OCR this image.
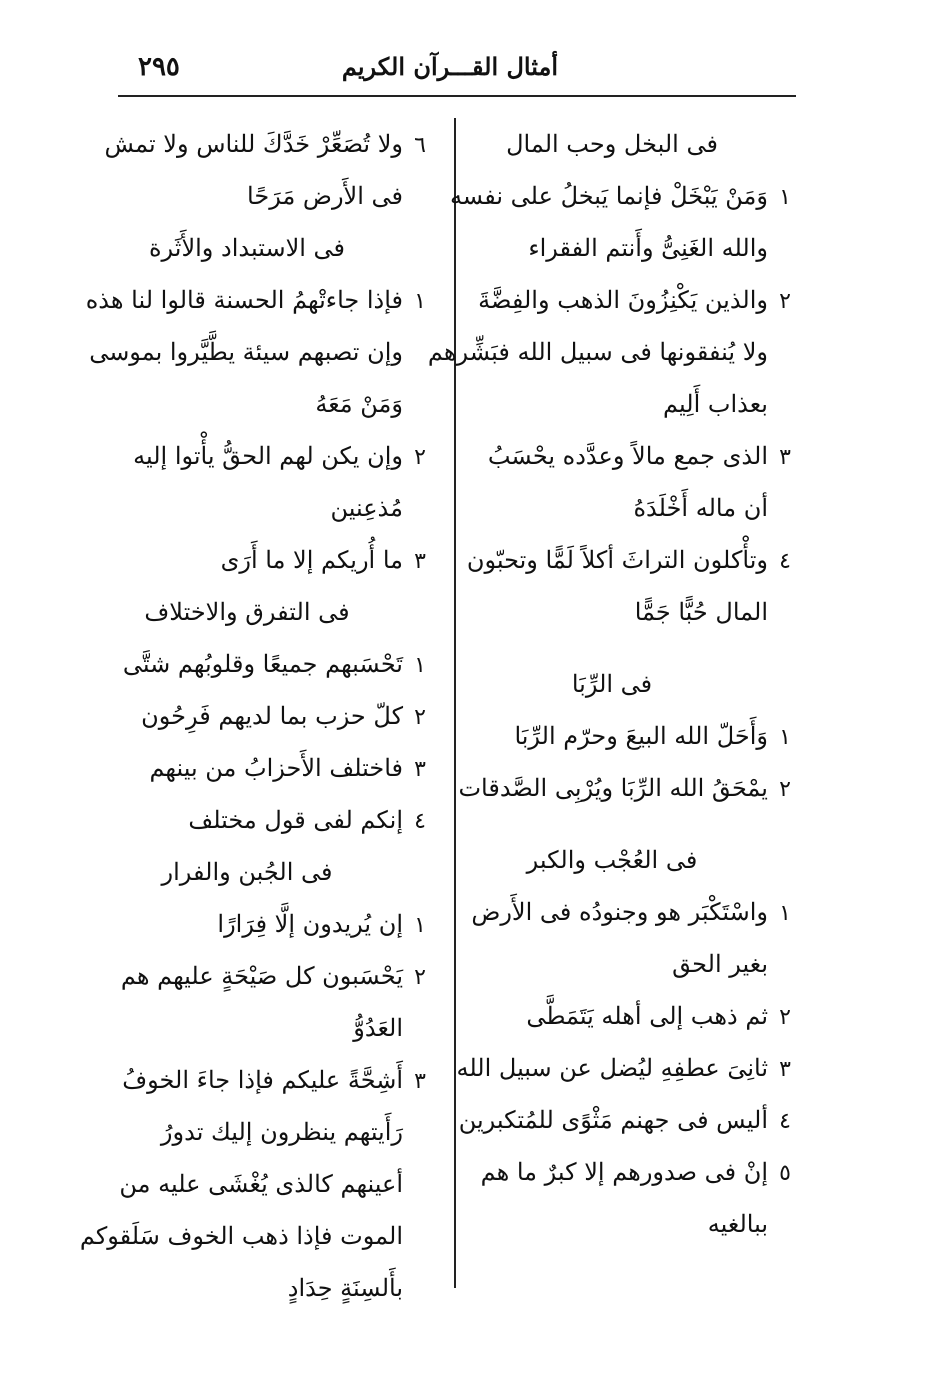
أمثال القـــرآن الكريم
٢٩٥
فى البخل وحب المال
١وَمَنْ يَبْخَلْ فإنما يَبخلُ على نفسه
والله الغَنِىُّ وأَنتم الفقراء
٢والذين يَكْنِزُونَ الذهب والفِضَّةَ
ولا يُنفقونها فى سبيل الله فبَشِّرهم
بعذاب أَلِيم
٣الذى جمع مالاً وعدَّده يحْسَبُ
أن ماله أَخْلَدَهُ
٤وتأْكلون التراثَ أكلاً لَمًّا وتحبّون
المال حُبًّا جَمًّا
فى الرِّبَا
١وَأَحَلّ الله البيعَ وحرّم الرِّبَا
٢يمْحَقُ الله الرِّبَا ويُرْبِى الصَّدقات
فى العُجْب والكبر
١واسْتَكْبَر هو وجنودُه فى الأَرض
بغير الحق
٢ثم ذهب إلى أهله يَتَمَطَّى
٣ثانِىَ عطفِهِ ليُضل عن سبيل الله
٤أليس فى جهنم مَثْوًى للمُتكبرين
٥إنْ فى صدورهم إلا كبرٌ ما هم
ببالغيه
٦ولا تُصَعِّرْ خَدَّكَ للناس ولا تمش
فى الأَرض مَرَحًا
فى الاستبداد والأَثَرة
١فإذا جاءتْهمُ الحسنة قالوا لنا هذه
وإن تصبهم سيئة يطَّيَّروا بموسى
وَمَنْ مَعَهُ
٢وإن يكن لهم الحقُّ يأْتوا إليه
مُذعِنين
٣ما أُريكم إلا ما أَرَى
فى التفرق والاختلاف
١تَحْسَبهم جميعًا وقلوبُهم شتَّى
٢كلّ حزب بما لديهم فَرِحُون
٣فاختلف الأَحزابُ من بينهم
٤إنكم لفى قول مختلف
فى الجُبن والفرار
١إن يُريدون إلَّا فِرَارًا
٢يَحْسَبون كل صَيْحَةٍ عليهم هم
العَدُوُّ
٣أَشِحَّةً عليكم فإذا جاءَ الخوفُ
رَأَيتهم ينظرون إليك تدورُ
أعينهم كالذى يُغْشَى عليه من
الموت فإذا ذهب الخوف سَلَقوكم
بأَلسِنَةٍ حِدَادٍ
